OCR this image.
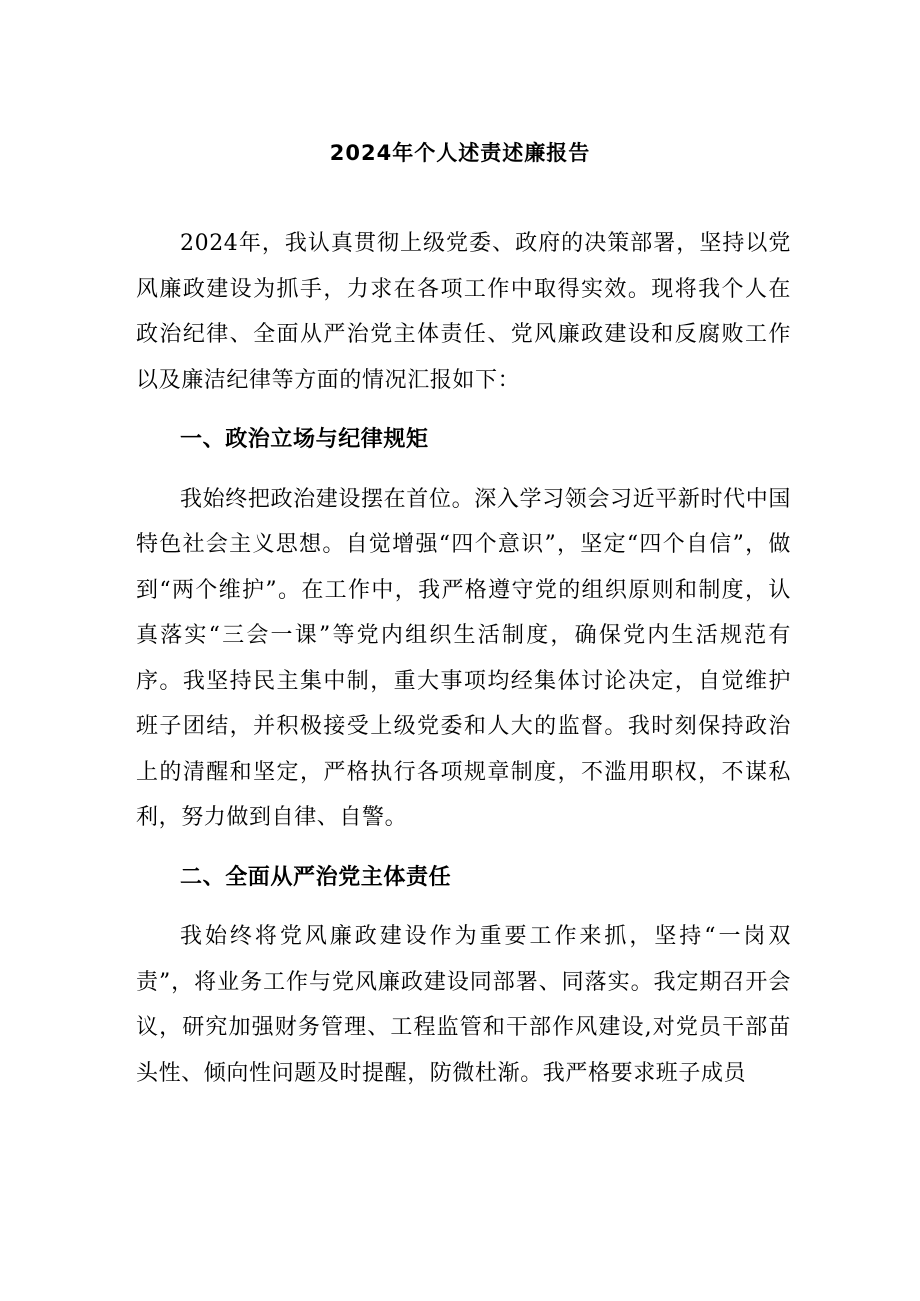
2024年个人述责述廉报告

2024年，我认真贯彻上级党委、政府的决策部署，坚持以党风廉政建设为抓手，力求在各项工作中取得实效。现将我个人在政治纪律、全面从严治党主体责任、党风廉政建设和反腐败工作以及廉洁纪律等方面的情况汇报如下：

一、政治立场与纪律规矩

我始终把政治建设摆在首位。深入学习领会习近平新时代中国特色社会主义思想。自觉增强“四个意识”，坚定“四个自信”，做到“两个维护”。在工作中，我严格遵守党的组织原则和制度，认真落实“三会一课”等党内组织生活制度，确保党内生活规范有序。我坚持民主集中制，重大事项均经集体讨论决定，自觉维护班子团结，并积极接受上级党委和人大的监督。我时刻保持政治上的清醒和坚定，严格执行各项规章制度，不滥用职权，不谋私利，努力做到自律、自警。

二、全面从严治党主体责任

我始终将党风廉政建设作为重要工作来抓，坚持“一岗双责”，将业务工作与党风廉政建设同部署、同落实。我定期召开会议，研究加强财务管理、工程监管和干部作风建设,对党员干部苗头性、倾向性问题及时提醒，防微杜渐。我严格要求班子成员
